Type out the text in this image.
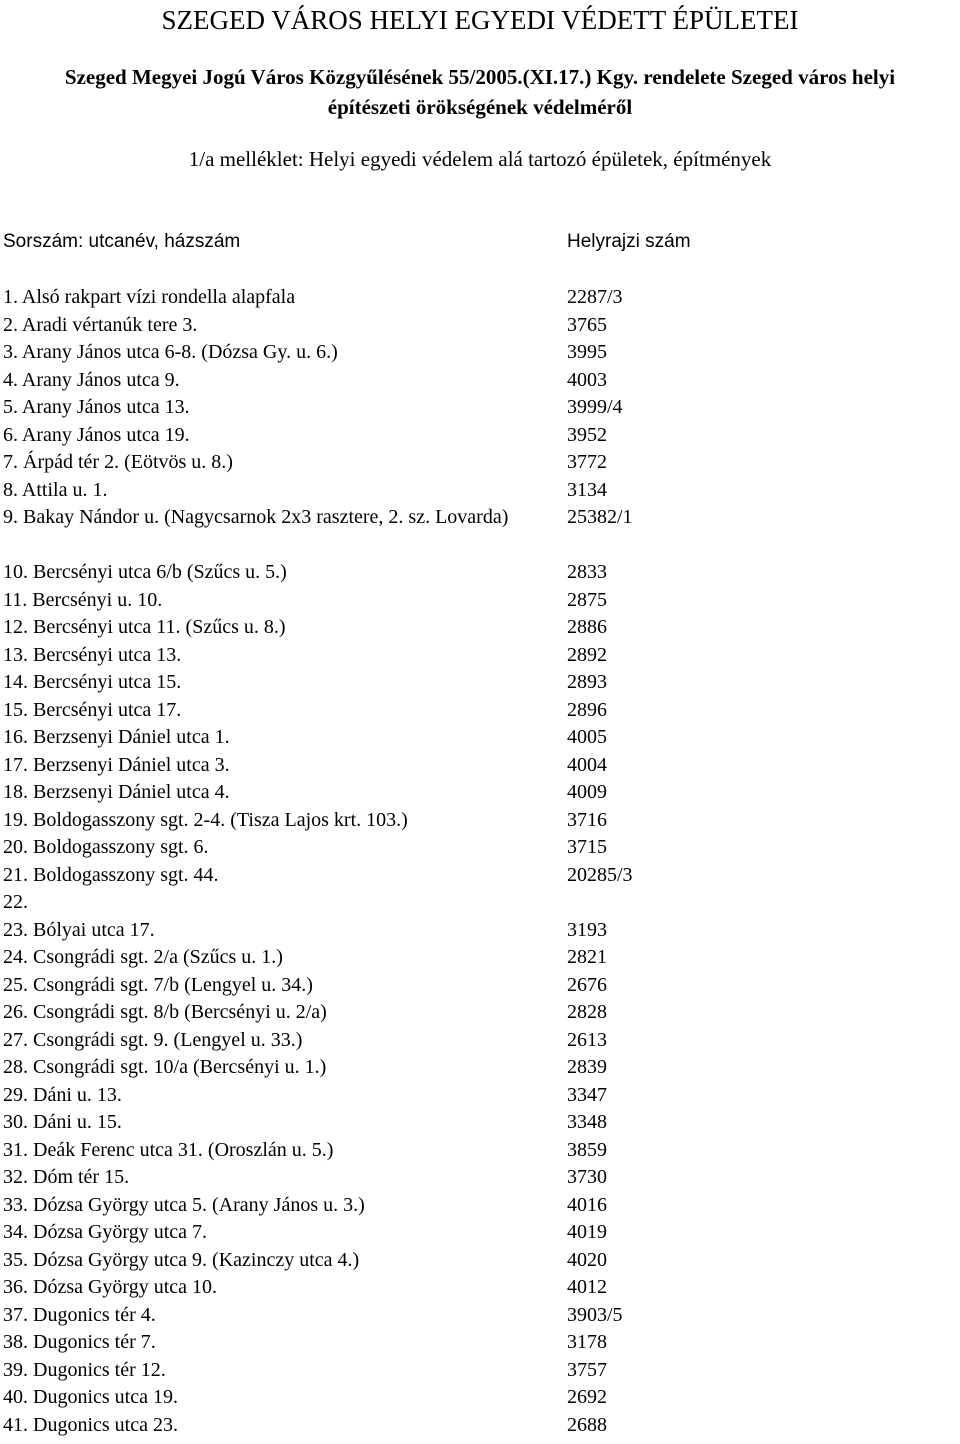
SZEGED VÁROS HELYI EGYEDI VÉDETT ÉPÜLETEI
Szeged Megyei Jogú Város Közgyűlésének 55/2005.(XI.17.) Kgy. rendelete Szeged város helyi
építészeti örökségének védelméről
1/a melléklet: Helyi egyedi védelem alá tartozó épületek, építmények
Sorszám: utcanév, házszám	Helyrajzi szám
1. Alsó rakpart vízi rondella alapfala	2287/3
2. Aradi vértanúk tere 3.	3765
3. Arany János utca 6-8. (Dózsa Gy. u. 6.)	3995
4. Arany János utca 9.	4003
5. Arany János utca 13.	3999/4
6. Arany János utca 19.	3952
7. Árpád tér 2. (Eötvös u. 8.)	3772
8. Attila u. 1.	3134
9. Bakay Nándor u. (Nagycsarnok 2x3 rasztere, 2. sz. Lovarda)	25382/1
10. Bercsényi utca 6/b (Szűcs u. 5.)	2833
11. Bercsényi u. 10.	2875
12. Bercsényi utca 11. (Szűcs u. 8.)	2886
13. Bercsényi utca 13.	2892
14. Bercsényi utca 15.	2893
15. Bercsényi utca 17.	2896
16. Berzsenyi Dániel utca 1.	4005
17. Berzsenyi Dániel utca 3.	4004
18. Berzsenyi Dániel utca 4.	4009
19. Boldogasszony sgt. 2-4. (Tisza Lajos krt. 103.)	3716
20. Boldogasszony sgt. 6.	3715
21. Boldogasszony sgt. 44.	20285/3
22.
23. Bólyai utca 17.	3193
24. Csongrádi sgt. 2/a (Szűcs u. 1.)	2821
25. Csongrádi sgt. 7/b (Lengyel u. 34.)	2676
26. Csongrádi sgt. 8/b (Bercsényi u. 2/a)	2828
27. Csongrádi sgt. 9. (Lengyel u. 33.)	2613
28. Csongrádi sgt. 10/a (Bercsényi u. 1.)	2839
29. Dáni u. 13.	3347
30. Dáni u. 15.	3348
31. Deák Ferenc utca 31. (Oroszlán u. 5.)	3859
32. Dóm tér 15.	3730
33. Dózsa György utca 5. (Arany János u. 3.)	4016
34. Dózsa György utca 7.	4019
35. Dózsa György utca 9. (Kazinczy utca 4.)	4020
36. Dózsa György utca 10.	4012
37. Dugonics tér 4.	3903/5
38. Dugonics tér 7.	3178
39. Dugonics tér 12.	3757
40. Dugonics utca 19.	2692
41. Dugonics utca 23.	2688
